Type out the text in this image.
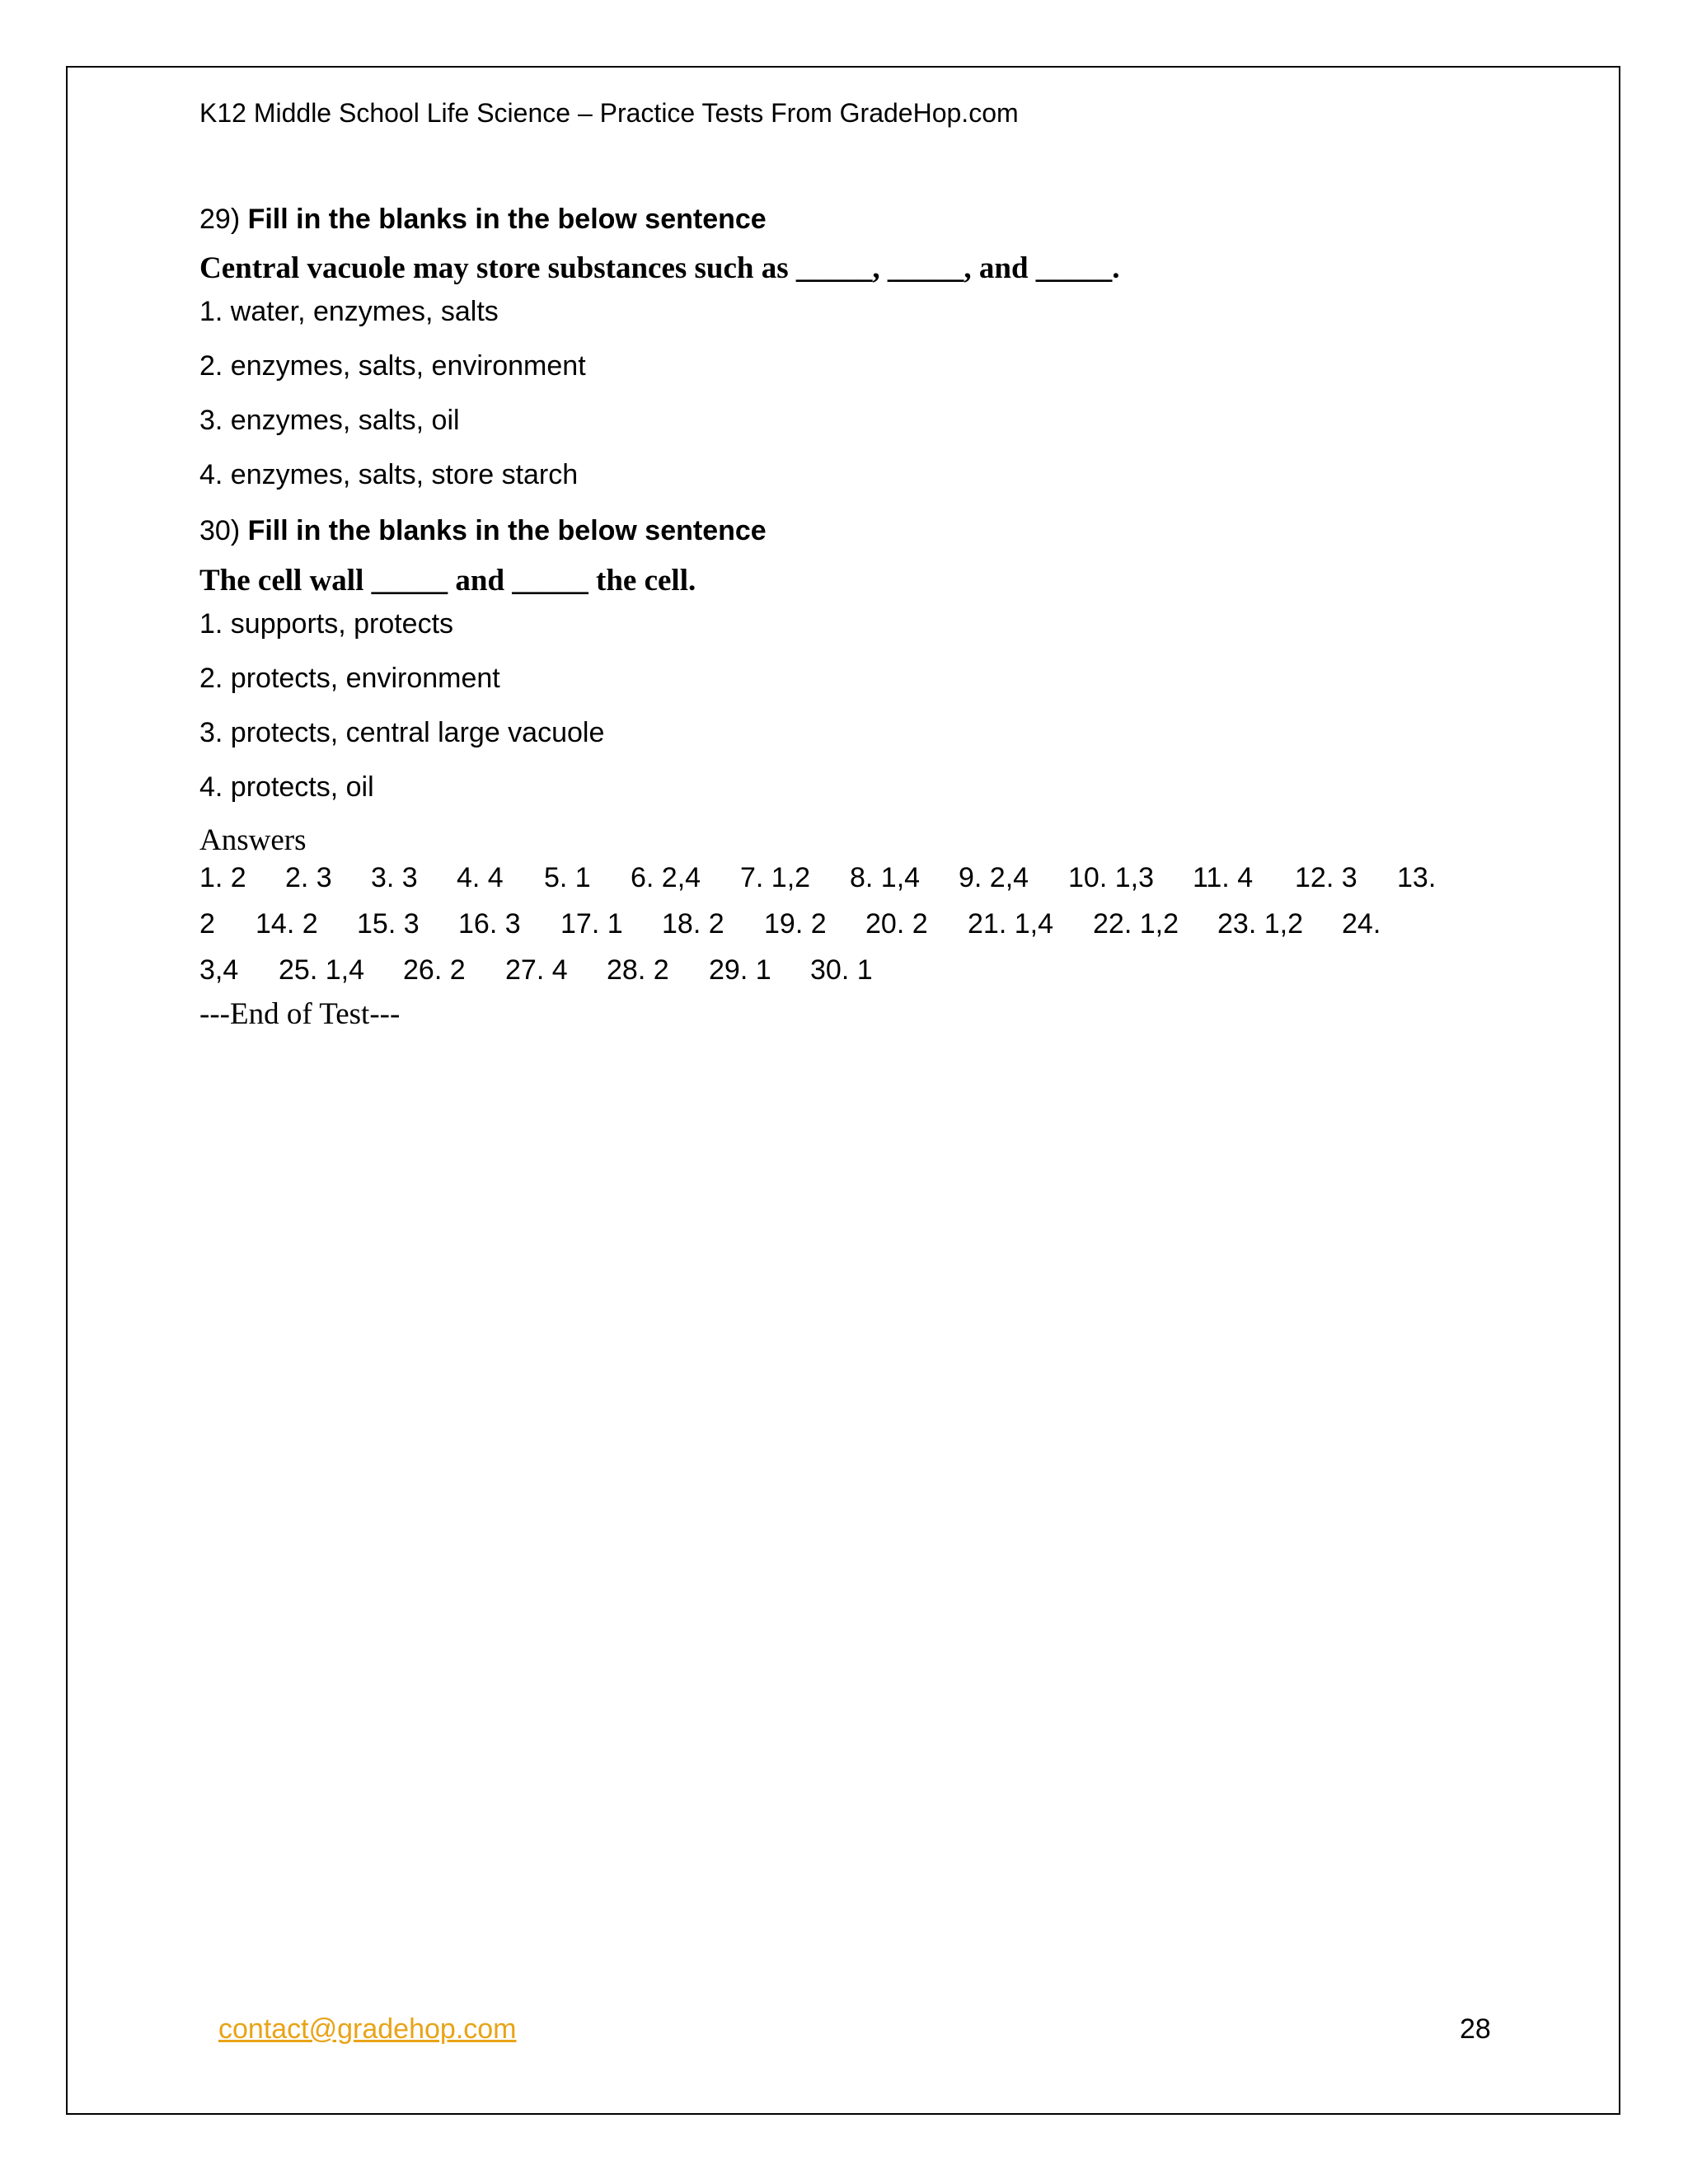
K12 Middle School Life Science – Practice Tests From GradeHop.com
29) Fill in the blanks in the below sentence
Central vacuole may store substances such as _____, _____, and _____.
1. water, enzymes, salts
2. enzymes, salts, environment
3. enzymes, salts, oil
4. enzymes, salts, store starch
30) Fill in the blanks in the below sentence
The cell wall _____ and _____ the cell.
1. supports, protects
2. protects, environment
3. protects, central large vacuole
4. protects, oil
Answers
1. 2 2. 3 3. 3 4. 4 5. 1 6. 2,4 7. 1,2 8. 1,4 9. 2,4 10. 1,3 11. 4 12. 3 13.
2 14. 2 15. 3 16. 3 17. 1 18. 2 19. 2 20. 2 21. 1,4 22. 1,2 23. 1,2 24.
3,4 25. 1,4 26. 2 27. 4 28. 2 29. 1 30. 1
---End of Test---
contact@gradehop.com	28
